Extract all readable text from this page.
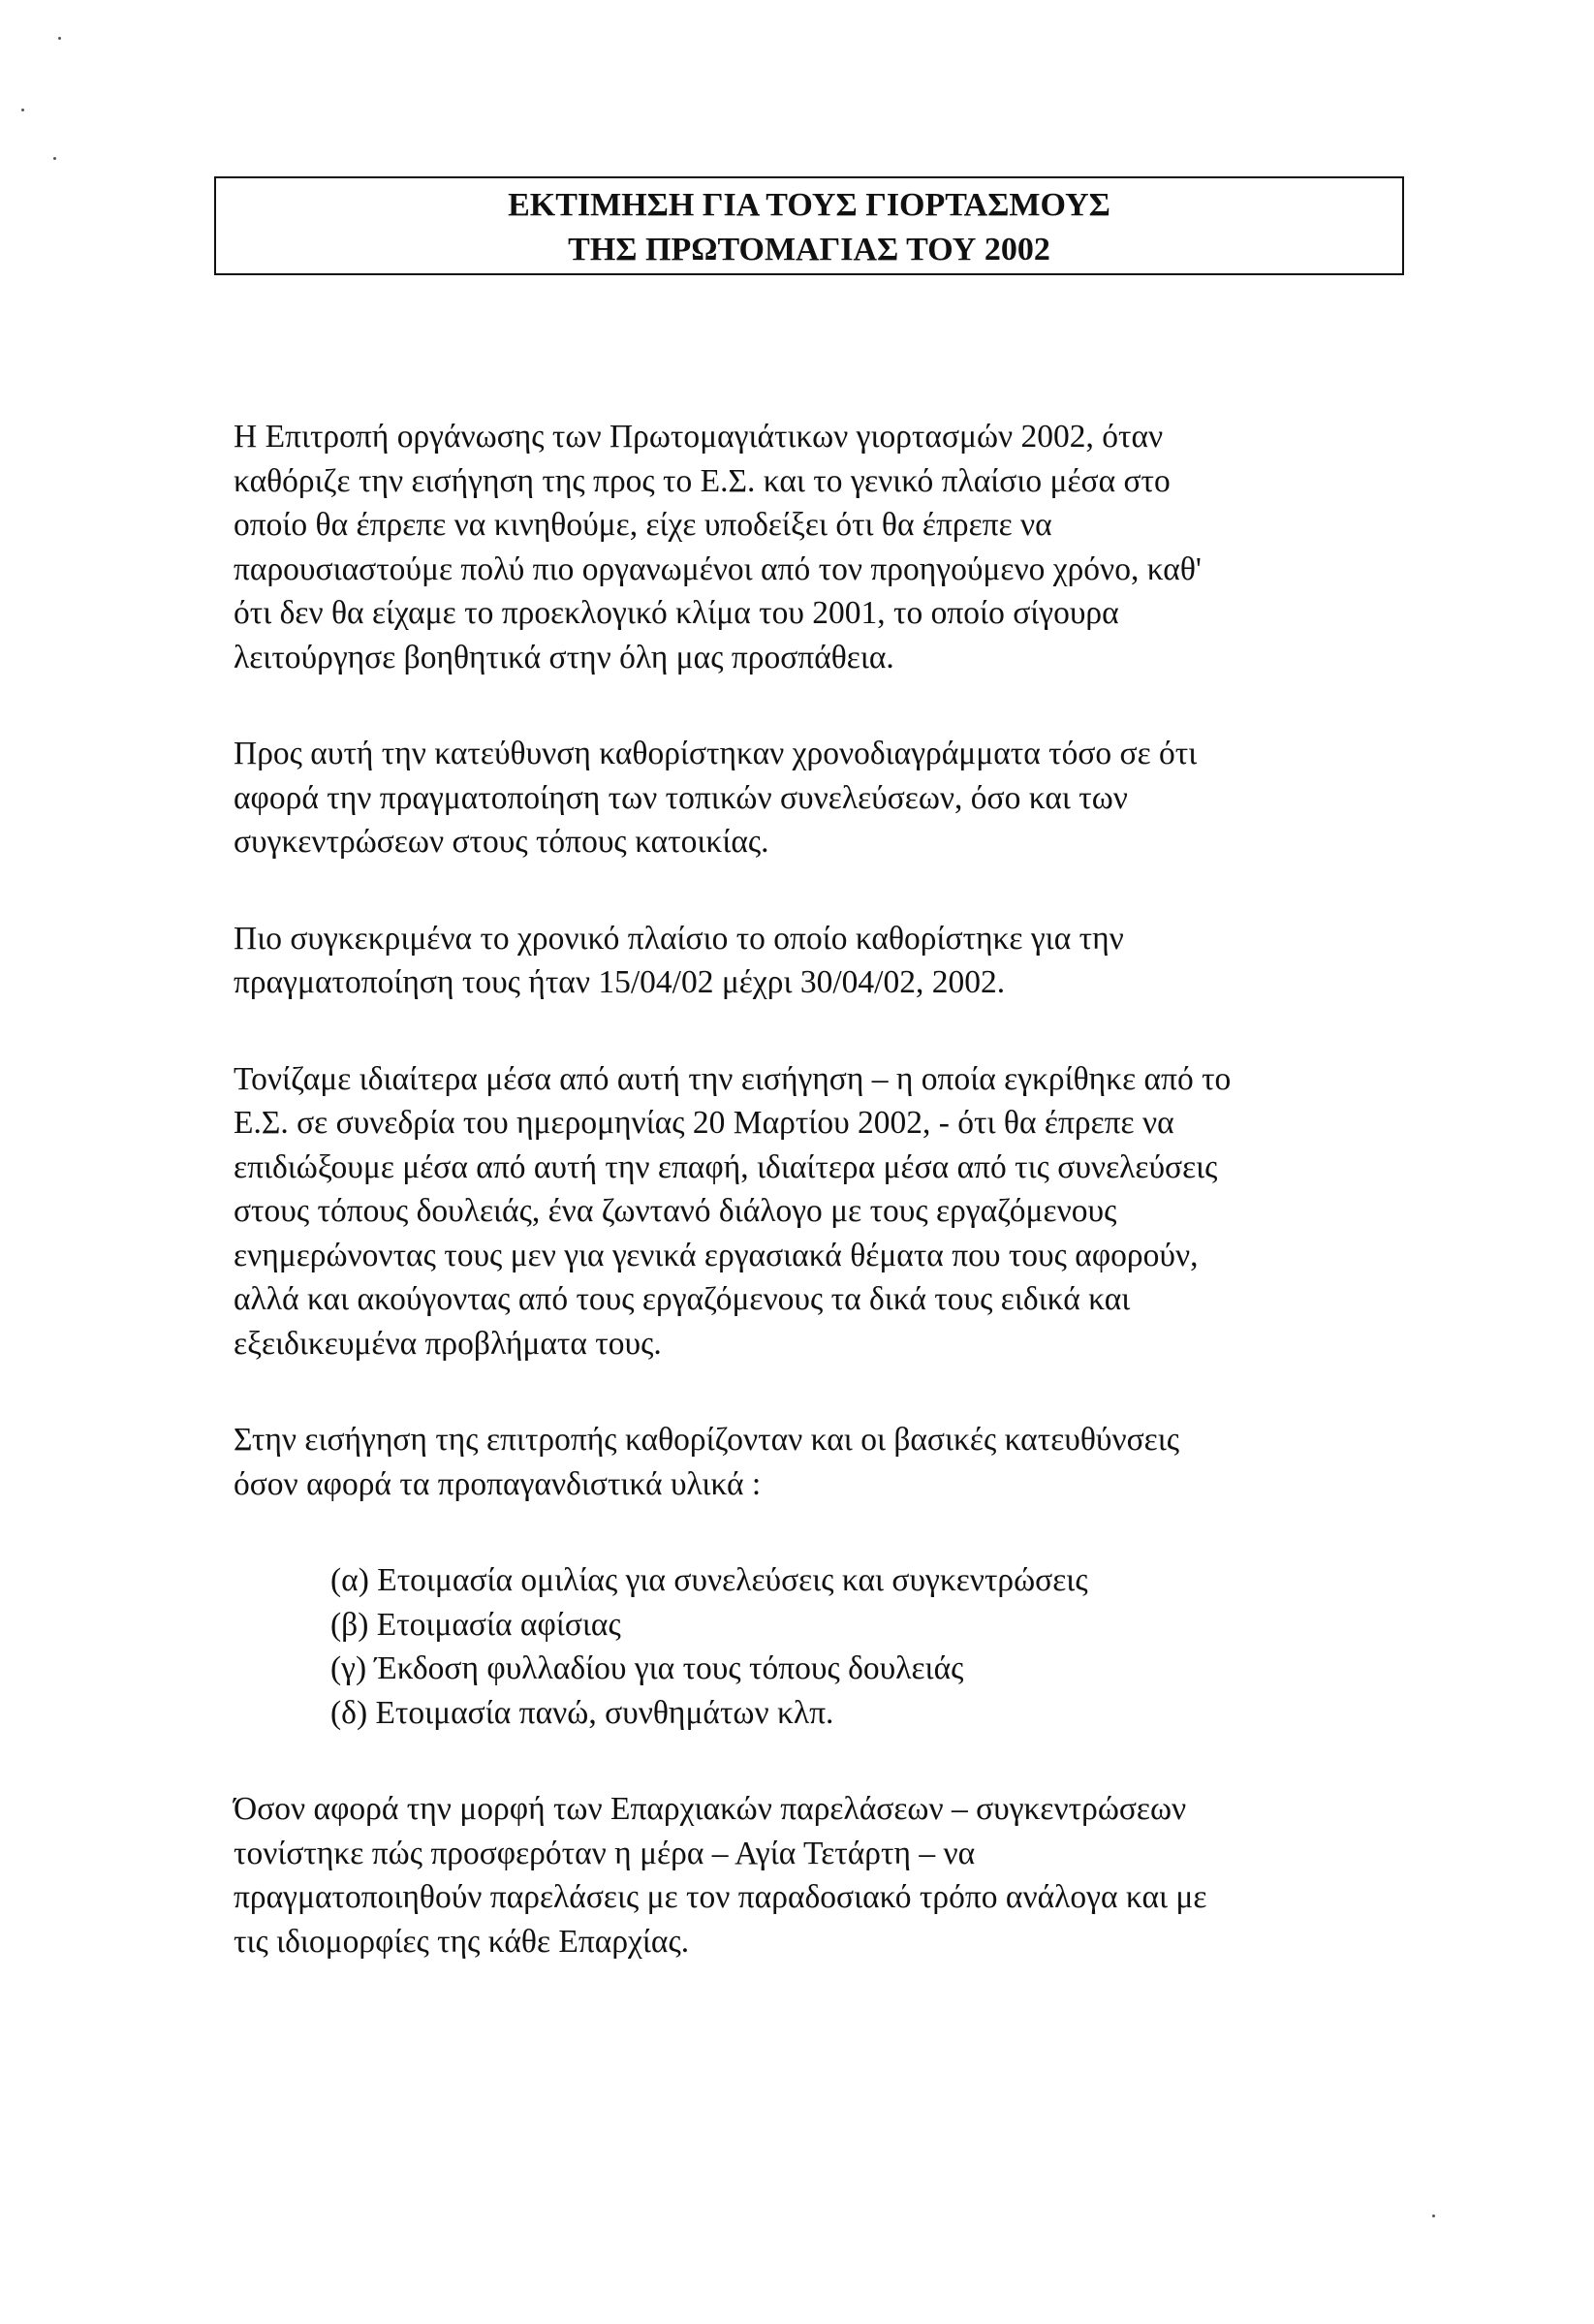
ΕΚΤΙΜΗΣΗ ΓΙΑ ΤΟΥΣ ΓΙΟΡΤΑΣΜΟΥΣ
ΤΗΣ ΠΡΩΤΟΜΑΓΙΑΣ ΤΟΥ 2002

Η Επιτροπή οργάνωσης των Πρωτομαγιάτικων γιορτασμών 2002, όταν
καθόριζε την εισήγηση της προς το Ε.Σ. και το γενικό πλαίσιο μέσα στο
οποίο θα έπρεπε να κινηθούμε, είχε υποδείξει ότι θα έπρεπε να
παρουσιαστούμε πολύ πιο οργανωμένοι από τον προηγούμενο χρόνο, καθ'
ότι δεν θα είχαμε το προεκλογικό κλίμα του 2001, το οποίο σίγουρα
λειτούργησε βοηθητικά στην όλη μας προσπάθεια.

Προς αυτή την κατεύθυνση καθορίστηκαν χρονοδιαγράμματα τόσο σε ότι
αφορά την πραγματοποίηση των τοπικών συνελεύσεων, όσο και των
συγκεντρώσεων στους τόπους κατοικίας.

Πιο συγκεκριμένα το χρονικό πλαίσιο το οποίο καθορίστηκε για την
πραγματοποίηση τους ήταν 15/04/02 μέχρι 30/04/02, 2002.

Τονίζαμε ιδιαίτερα μέσα από αυτή την εισήγηση – η οποία εγκρίθηκε από το
Ε.Σ. σε συνεδρία του ημερομηνίας 20 Μαρτίου 2002, - ότι θα έπρεπε να
επιδιώξουμε μέσα από αυτή την επαφή, ιδιαίτερα μέσα από τις συνελεύσεις
στους τόπους δουλειάς, ένα ζωντανό διάλογο με τους εργαζόμενους
ενημερώνοντας τους μεν για γενικά εργασιακά θέματα που τους αφορούν,
αλλά και ακούγοντας από τους εργαζόμενους τα δικά τους ειδικά και
εξειδικευμένα προβλήματα τους.

Στην εισήγηση της επιτροπής καθορίζονταν και οι βασικές κατευθύνσεις
όσον αφορά τα προπαγανδιστικά υλικά :

(α) Ετοιμασία ομιλίας για συνελεύσεις και συγκεντρώσεις
(β) Ετοιμασία αφίσιας
(γ) Έκδοση φυλλαδίου για τους τόπους δουλειάς
(δ) Ετοιμασία πανώ, συνθημάτων κλπ.

Όσον αφορά την μορφή των Επαρχιακών παρελάσεων – συγκεντρώσεων
τονίστηκε πώς προσφερόταν η μέρα – Αγία Τετάρτη – να
πραγματοποιηθούν παρελάσεις με τον παραδοσιακό τρόπο ανάλογα και με
τις ιδιομορφίες της κάθε Επαρχίας.
